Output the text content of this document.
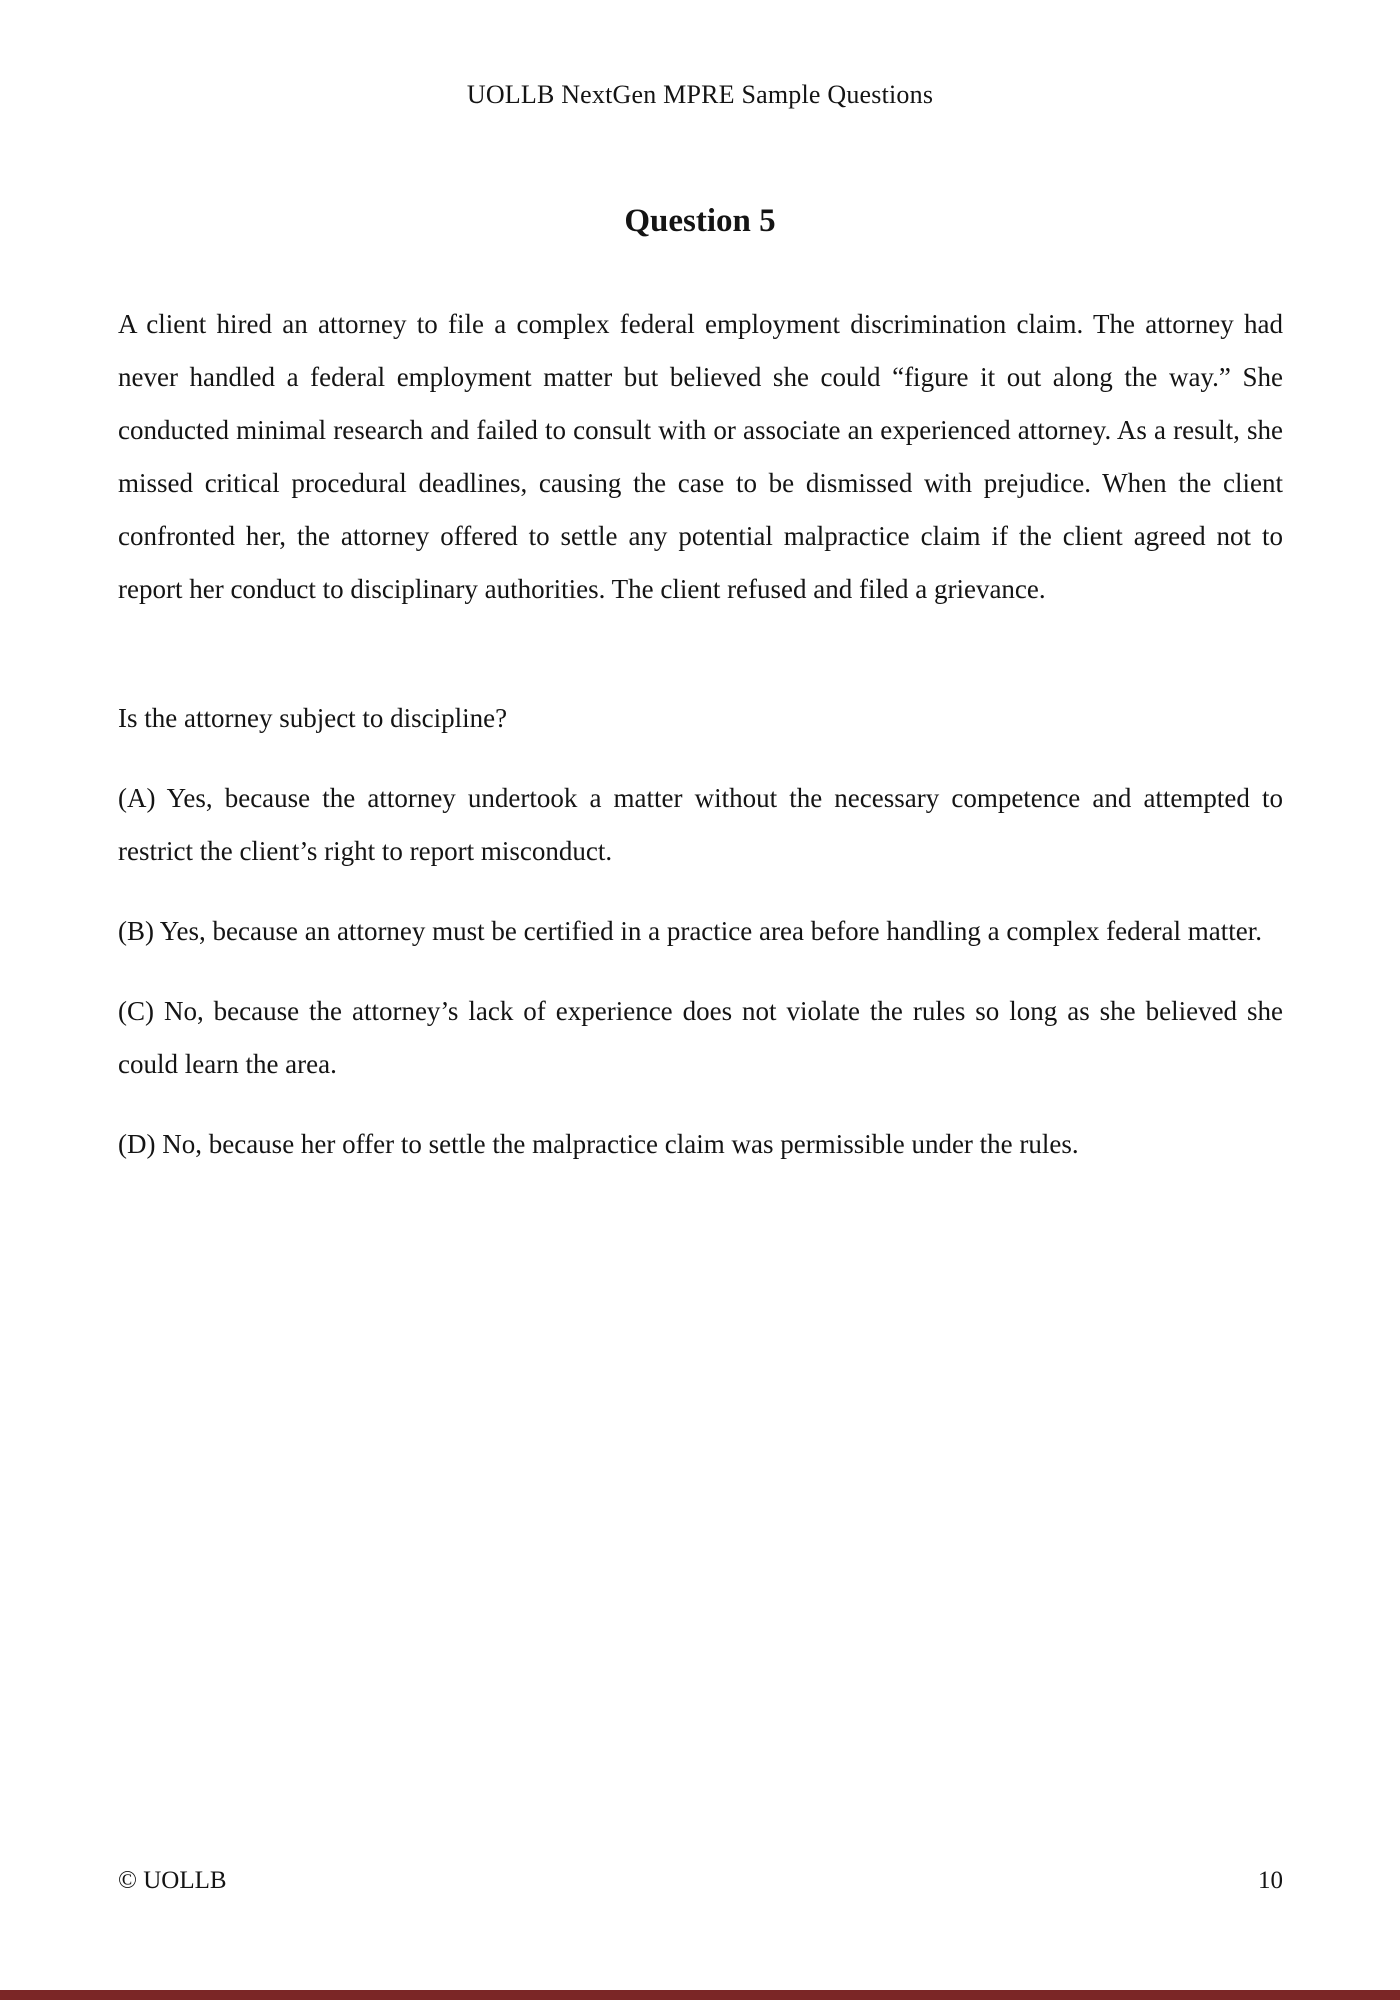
UOLLB NextGen MPRE Sample Questions
Question 5

A client hired an attorney to file a complex federal employment discrimination claim. The attorney had never handled a federal employment matter but believed she could “figure it out along the way.” She conducted minimal research and failed to consult with or associate an experienced attorney. As a result, she missed critical procedural deadlines, causing the case to be dismissed with prejudice. When the client confronted her, the attorney offered to settle any potential malpractice claim if the client agreed not to report her conduct to disciplinary authorities. The client refused and filed a grievance.

Is the attorney subject to discipline?

(A) Yes, because the attorney undertook a matter without the necessary competence and attempted to restrict the client’s right to report misconduct.

(B) Yes, because an attorney must be certified in a practice area before handling a complex federal matter.

(C) No, because the attorney’s lack of experience does not violate the rules so long as she believed she could learn the area.

(D) No, because her offer to settle the malpractice claim was permissible under the rules.

© UOLLB	10
